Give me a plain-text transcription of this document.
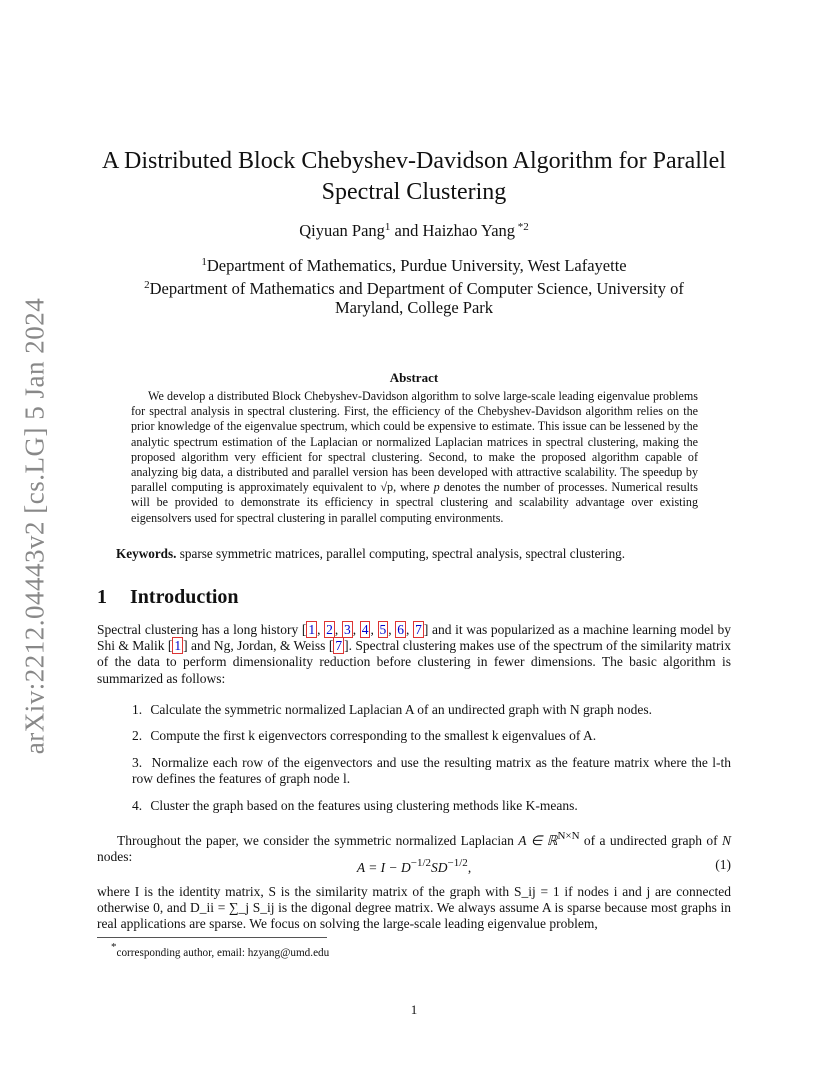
arXiv:2212.04443v2 [cs.LG] 5 Jan 2024
A Distributed Block Chebyshev-Davidson Algorithm for Parallel
Spectral Clustering
Qiyuan Pang$^1$ and Haizhao Yang $^{*2}$
$^1$Department of Mathematics, Purdue University, West Lafayette
$^2$Department of Mathematics and Department of Computer Science, University of
Maryland, College Park
Abstract
We develop a distributed Block Chebyshev-Davidson algorithm to solve large-scale leading eigenvalue problems for spectral analysis in spectral clustering. First, the efficiency of the Chebyshev-Davidson algorithm relies on the prior knowledge of the eigenvalue spectrum, which could be expensive to estimate. This issue can be lessened by the analytic spectrum estimation of the Laplacian or normalized Laplacian matrices in spectral clustering, making the proposed algorithm very efficient for spectral clustering. Second, to make the proposed algorithm capable of analyzing big data, a distributed and parallel version has been developed with attractive scalability. The speedup by parallel computing is approximately equivalent to √p, where p denotes the number of processes. Numerical results will be provided to demonstrate its efficiency in spectral clustering and scalability advantage over existing eigensolvers used for spectral clustering in parallel computing environments.
Keywords. sparse symmetric matrices, parallel computing, spectral analysis, spectral clustering.
1 Introduction
Spectral clustering has a long history [ 1 , 2 , 3 , 4 , 5 , 6 , 7 ] and it was popularized as a machine learning model by Shi & Malik [ 1 ] and Ng, Jordan, & Weiss [ 7 ]. Spectral clustering makes use of the spectrum of the similarity matrix of the data to perform dimensionality reduction before clustering in fewer dimensions. The basic algorithm is summarized as follows:
1. Calculate the symmetric normalized Laplacian A of an undirected graph with N graph nodes.
2. Compute the first k eigenvectors corresponding to the smallest k eigenvalues of A.
3. Normalize each row of the eigenvectors and use the resulting matrix as the feature matrix where the l-th row defines the features of graph node l.
4. Cluster the graph based on the features using clustering methods like K-means.
Throughout the paper, we consider the symmetric normalized Laplacian A ∈ ℝ$^{N\times N}$ of a undirected graph of N nodes:
$A = I - D^{-1/2}SD^{-1/2}$,	(1)
where I is the identity matrix, S is the similarity matrix of the graph with S_ij = 1 if nodes i and j are connected otherwise 0, and D_ii = ∑_j S_ij is the digonal degree matrix. We always assume A is sparse because most graphs in real applications are sparse. We focus on solving the large-scale leading eigenvalue problem,
*corresponding author, email: hzyang@umd.edu
1
